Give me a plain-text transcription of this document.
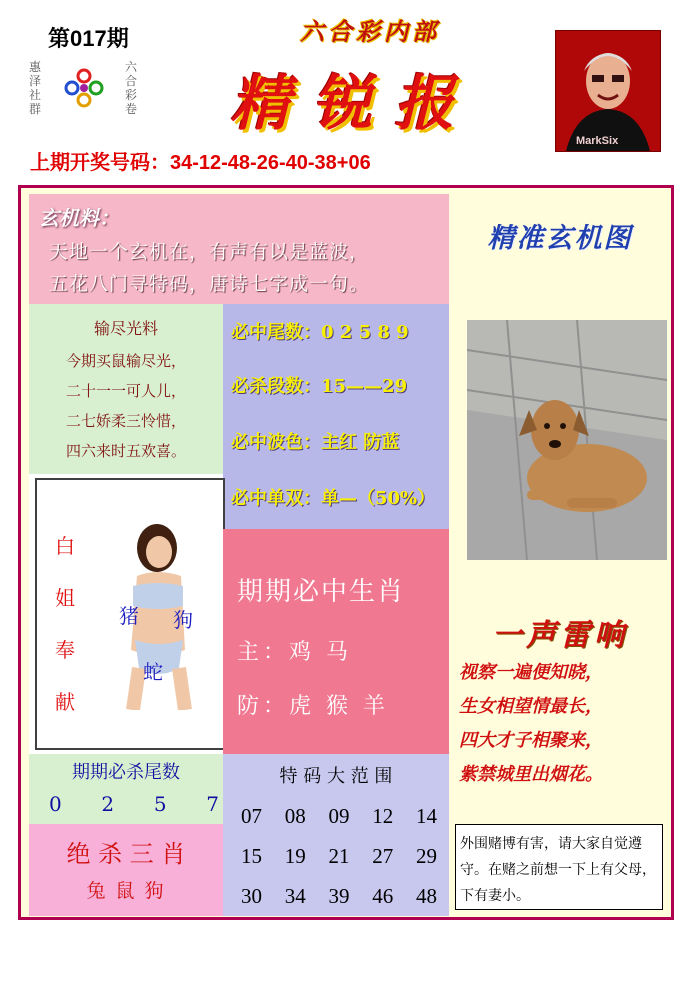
第017期	六合彩内部
惠泽社群
六合彩卷 精锐报
MarkSix
上期开奖号码：34-12-48-26-40-38+06
玄机料：
天地一个玄机在，有声有以是蓝波，
五花八门寻特码，唐诗七字成一句。
输尽光料
今期买鼠输尽光，
二十一一可人儿，
二七娇柔三怜惜，
四六来时五欢喜。
必中尾数：0 2 5 8 9
必杀段数：15——29
必中波色：主红 防蓝
必中单双：单—（50%）
白
姐
奉
献
猪 狗
蛇
期期必中生肖
主：鸡 马
防：虎 猴 羊
期期必杀尾数
0 2 5 7
绝 杀 三 肖
兔 鼠 狗
特 码 大 范 围
07 08 09 12 14
15 19 21 27 29
30 34 39 46 48
精准玄机图
一声雷响
视察一遍便知晓，
生女相望情最长，
四大才子相聚来，
紫禁城里出烟花。
外围赌博有害，请大家自觉遵守。在赌之前想一下上有父母，下有妻小。
